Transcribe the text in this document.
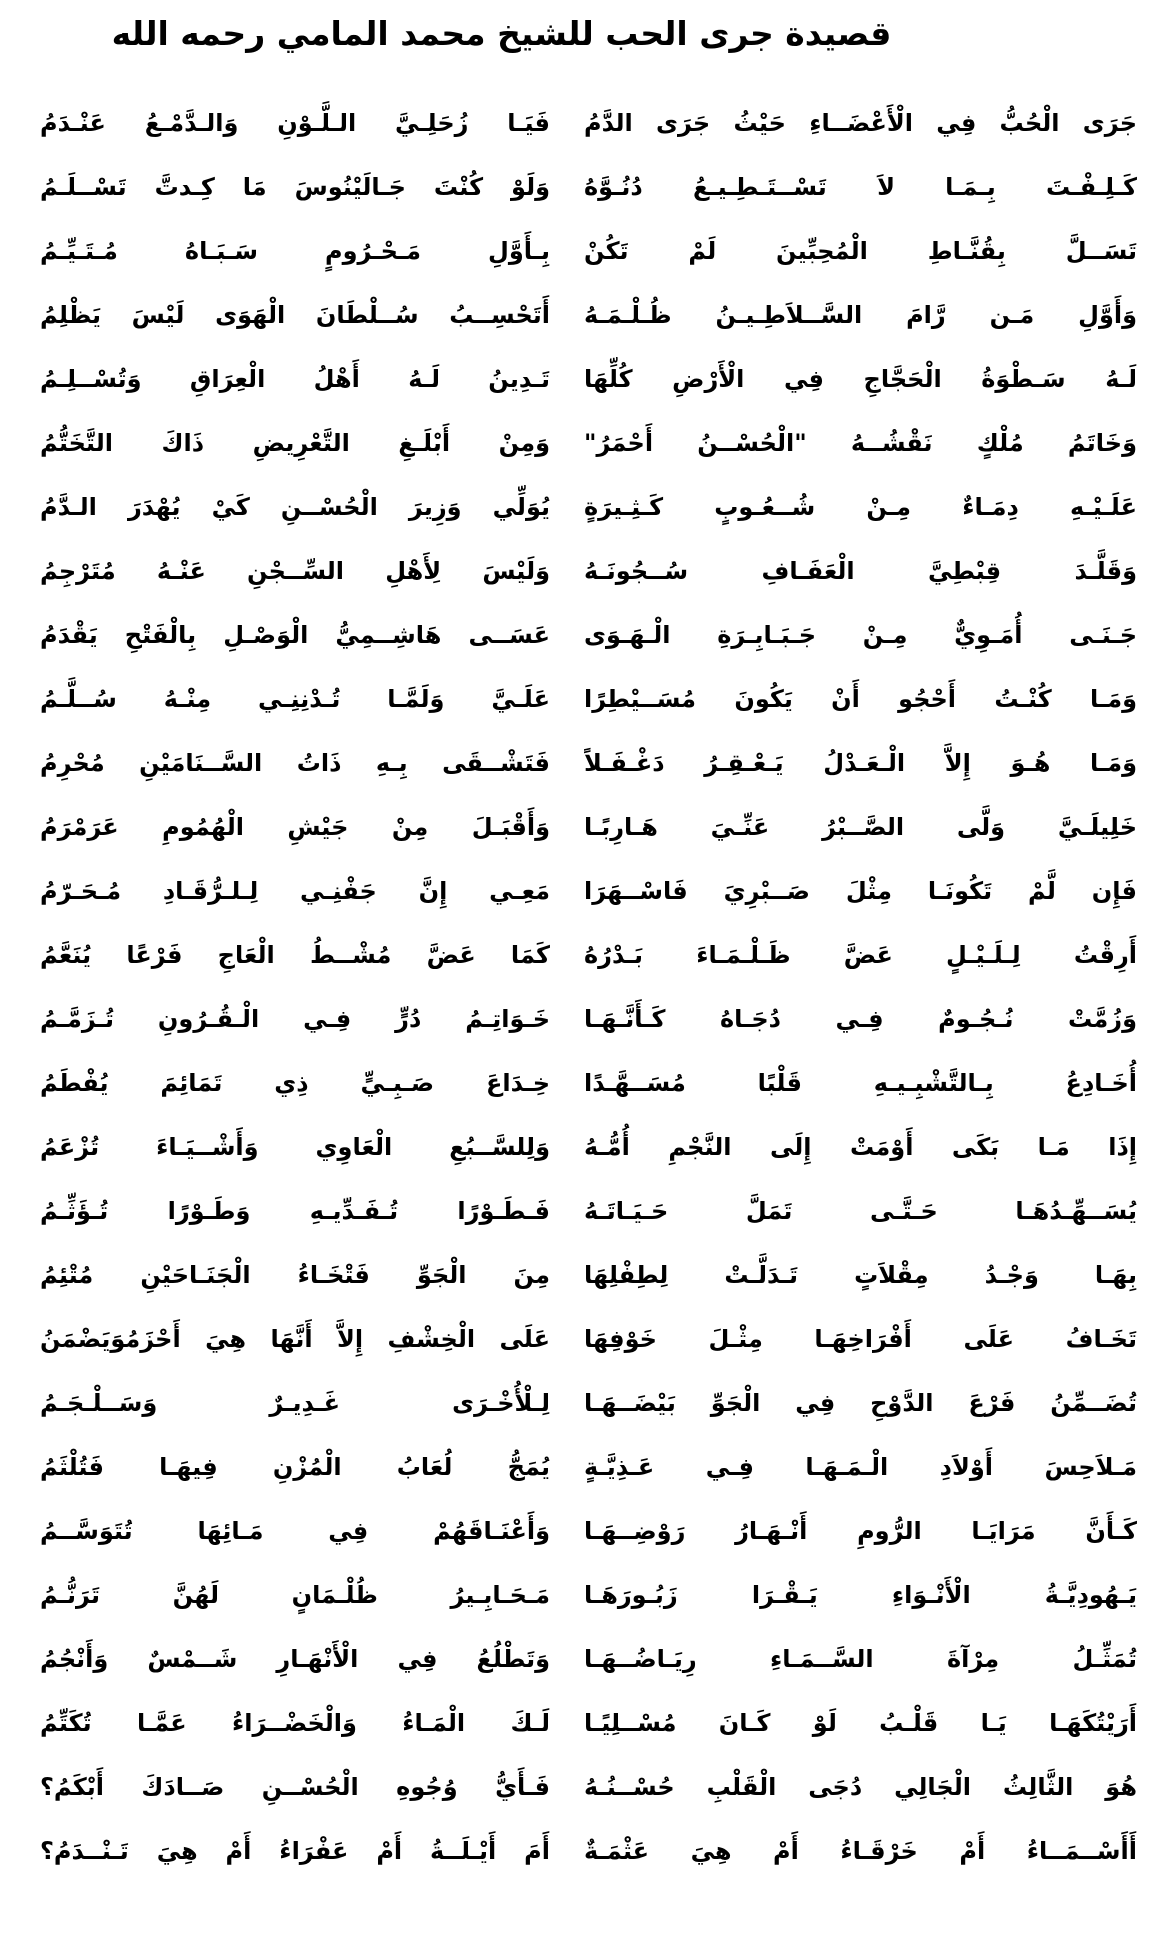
قصيدة جرى الحب للشيخ محمد المامي رحمه الله
جَرَى الْحُبُّ فِي الْأَعْضَــاءِ حَيْثُ جَرَى الدَّمُ
فَيَـا زُحَلِـيَّ الـلَّـوْنِ وَالـدَّمْـعُ عَنْـدَمُ
كَـلِـفْـتَ بِـمَـا لاَ تَسْــتَـطِـيـعُ دُنُـوَّهُ
وَلَوْ كُنْتَ جَـالَيْنُوسَ مَا كِـدتَّ تَسْــلَـمُ
تَسَــلَّ بِقُنَّـاطِ الْمُحِبِّينَ لَمْ تَكُنْ
بِـأَوَّلِ مَـحْـرُومٍ سَـبَـاهُ مُـتَـيِّـمُ
وَأَوَّلِ مَـن رَّامَ السَّــلاَطِـيـنُ ظُـلْـمَـهُ
أَتَحْسِــبُ سُــلْطَانَ الْهَوَى لَيْسَ يَظْلِمُ
لَـهُ سَـطْوَةُ الْحَجَّاجِ فِي الْأَرْضِ كُلِّهَا
تَـدِينُ لَـهُ أَهْلُ الْعِرَاقِ وَتُسْــلِـمُ
وَخَاتَمُ مُلْكٍ نَقْشُــهُ "الْحُسْــنُ أَحْمَرُ"
وَمِنْ أَبْلَـغِ التَّعْرِيضِ ذَاكَ التَّخَتُّمُ
عَلَـيْـهِ دِمَـاءٌ مِـنْ شُــعُـوبٍ كَـثِـيرَةٍ
يُوَلِّي وَزِيرَ الْحُسْــنِ كَيْ يُهْدَرَ الـدَّمُ
وَقَلَّـدَ قِبْطِيَّ الْعَفَـافِ سُــجُونَـهُ
وَلَيْسَ لِأَهْلِ السِّــجْنِ عَنْـهُ مُتَرْجِمُ
جَـنَـى أُمَـوِيٌّ مِـنْ جَـبَـابِـرَةِ الْـهَـوَى
عَسَــى هَاشِــمِيُّ الْوَصْـلِ بِالْفَتْحِ يَقْدَمُ
وَمَـا كُنْـتُ أَحْجُو أَنْ يَكُونَ مُسَــيْطِرًا
عَلَـيَّ وَلَمَّـا تُـدْنِنِـي مِنْـهُ سُــلَّـمُ
وَمَـا هُـوَ إِلاَّ الْـعَـدْلُ يَـعْـقِـرُ دَغْـفَـلاً
فَتَشْــقَى بِـهِ ذَاتُ السَّــنَامَيْنِ مُحْرِمُ
خَلِيلَـيَّ وَلَّى الصَّــبْرُ عَنِّـيَ هَـارِبًـا
وَأَقْبَـلَ مِنْ جَيْشِ الْهُمُومِ عَرَمْرَمُ
فَإِن لَّمْ تَكُونَـا مِثْلَ صَــبْرِيَ فَاسْــهَرَا
مَعِـي إِنَّ جَفْنِـي لِـلـرُّقَـادِ مُـحَـرّمُ
أَرِقْتُ لِـلَـيْـلٍ عَضَّ ظَـلْـمَـاءَ بَـدْرُهُ
كَمَا عَضَّ مُشْــطُ الْعَاجِ فَرْعًا يُنَعَّمُ
وَزُمَّتْ نُـجُـومٌ فِـي دُجَـاهُ كَـأَنَّـهَـا
خَـوَاتِـمُ دُرٍّ فِـي الْـقُـرُونِ تُـزَمَّـمُ
أُخَـادِعُ بِـالتَّشْبِـيـهِ قَلْبًا مُسَــهَّـدًا
خِـدَاعَ صَـبِـيٍّ ذِي تَمَائِمَ يُفْطَمُ
إِذَا مَـا بَكَى أَوْمَتْ إِلَى النَّجْمِ أُمُّـهُ
وَلِلسَّــبُعِ الْعَاوِي وَأَشْــيَـاءَ تُزْعَمُ
يُسَــهِّـدُهَـا حَـتَّـى تَمَلَّ حَـيَـاتَـهُ
فَـطَـوْرًا تُـفَـدِّيـهِ وَطَـوْرًا تُـؤَثِّـمُ
بِهَـا وَجْـدُ مِقْلاَتٍ تَـدَلَّـتْ لِطِفْلِهَا
مِنَ الْجَوِّ فَتْخَـاءُ الْجَنَـاحَيْنِ مُتْئِمُ
تَخَـافُ عَلَى أَفْرَاخِهَـا مِثْـلَ خَوْفِهَا
عَلَى الْخِشْفِ إِلاَّ أَنَّهَا هِيَ أَحْزَمُوَيَضْمَنُ
تُضَــمِّنُ فَرْعَ الدَّوْحِ فِي الْجَوِّ بَيْضَــهَـا
لِـلْأُخْـرَى غَـدِيـرٌ وَسَــلْـجَـمُ
مَـلاَحِسَ أَوْلاَدِ الْـمَـهَـا فِـي عَـذِيَّـةٍ
يُمَجُّ لُعَابُ الْمُزْنِ فِيهَـا فَتُلْثَمُ
كَـأَنَّ مَرَايَـا الرُّومِ أَنْـهَـارُ رَوْضِــهَـا
وَأَعْنَـاقَهُمْ فِي مَـائِهَا تُتَوَسَّــمُ
يَـهُودِيَّـةُ الْأَنْـوَاءِ يَـقْـرَا زَبُـورَهَـا
مَـحَـابِـيرُ ظُلْـمَانٍ لَهُنَّ تَرَنُّـمُ
تُمَثِّـلُ مِرْآةَ السَّــمَـاءِ رِيَـاضُــهَـا
وَتَطْلُعُ فِي الْأَنْهَـارِ شَــمْسٌ وَأَنْجُمُ
أَرَيْتُكَهَـا يَـا قَلْـبُ لَوْ كَـانَ مُسْــلِيًـا
لَـكَ الْمَـاءُ وَالْخَضْــرَاءُ عَمَّـا تُكَتِّمُ
هُوَ الثَّالِثُ الْجَالِي دُجَى الْقَلْبِ حُسْــنُـهُ
فَـأَيُّ وُجُوهِ الْحُسْــنِ صَــادَكَ أَبْكَمُ؟
أَأَسْــمَــاءُ أَمْ خَرْقَـاءُ أَمْ هِيَ عَثْمَـةٌ
أَمَ أَيْـلَــةُ أَمْ عَفْرَاءُ أَمْ هِيَ تَـنْــدَمُ؟
